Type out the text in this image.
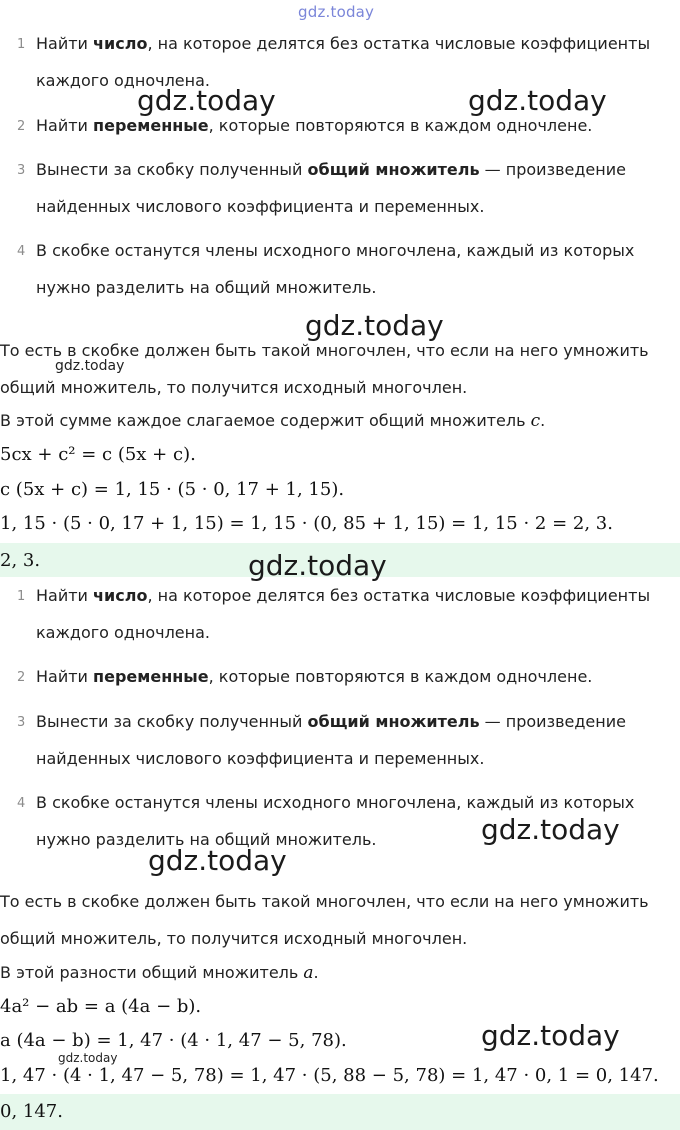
gdz.today
1 Найти число, на которое делятся без остатка числовые коэффициенты
каждого одночлена.
2 Найти переменные, которые повторяются в каждом одночлене.
3 Вынести за скобку полученный общий множитель — произведение
найденных числового коэффициента и переменных.
4 В скобке останутся члены исходного многочлена, каждый из которых
нужно разделить на общий множитель.
То есть в скобке должен быть такой многочлен, что если на него умножить
общий множитель, то получится исходный многочлен.
В этой сумме каждое слагаемое содержит общий множитель c.
5cx + c² = c (5x + c).
c (5x + c) = 1, 15 · (5 · 0, 17 + 1, 15).
1, 15 · (5 · 0, 17 + 1, 15) = 1, 15 · (0, 85 + 1, 15) = 1, 15 · 2 = 2, 3.
2, 3.
1 Найти число, на которое делятся без остатка числовые коэффициенты
каждого одночлена.
2 Найти переменные, которые повторяются в каждом одночлене.
3 Вынести за скобку полученный общий множитель — произведение
найденных числового коэффициента и переменных.
4 В скобке останутся члены исходного многочлена, каждый из которых
нужно разделить на общий множитель.
То есть в скобке должен быть такой многочлен, что если на него умножить
общий множитель, то получится исходный многочлен.
В этой разности общий множитель a.
4a² − ab = a (4a − b).
a (4a − b) = 1, 47 · (4 · 1, 47 − 5, 78).
1, 47 · (4 · 1, 47 − 5, 78) = 1, 47 · (5, 88 − 5, 78) = 1, 47 · 0, 1 = 0, 147.
0, 147.
gdz.today	gdz.today
gdz.today
gdz.today
gdz.today
gdz.today
gdz.today
gdz.today
gdz.today
